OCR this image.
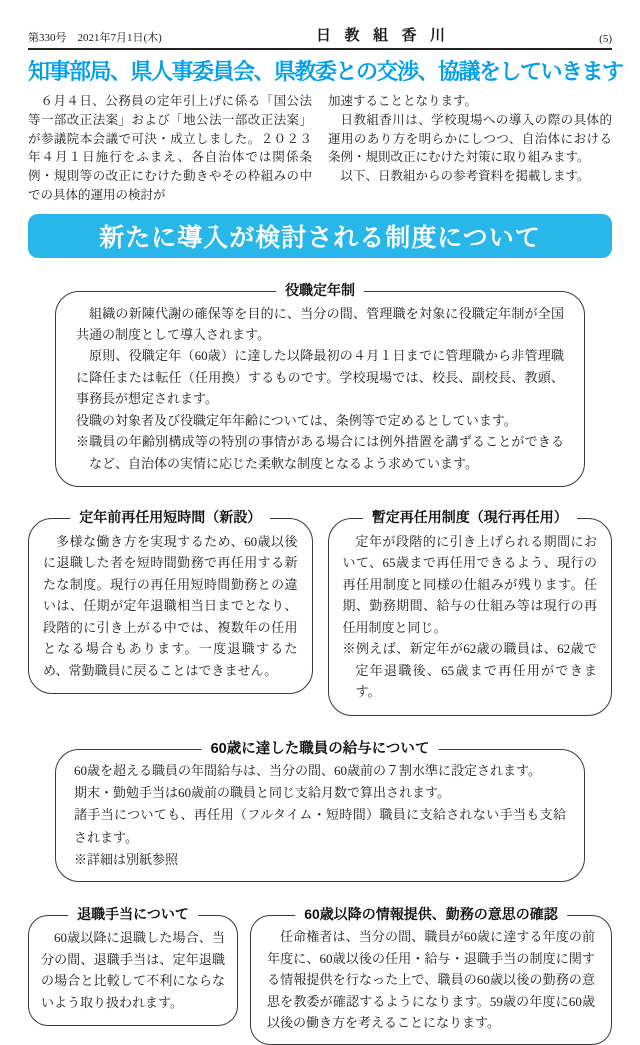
第330号　2021年7月1日(木)	日教組香川	(5)
知事部局、県人事委員会、県教委との交渉、協議をしていきます

６月４日、公務員の定年引上げに係る「国公法等一部改正法案」および「地公法一部改正法案」が参議院本会議で可決・成立しました。２０２３年４月１日施行をふまえ、各自治体では関係条例・規則等の改正にむけた動きやその枠組みの中での具体的運用の検討が

加速することとなります。

日教組香川は、学校現場への導入の際の具体的運用のあり方を明らかにしつつ、自治体における条例・規則改正にむけた対策に取り組みます。

以下、日教組からの参考資料を掲載します。

新たに導入が検討される制度について
役職定年制

組織の新陳代謝の確保等を目的に、当分の間、管理職を対象に役職定年制が全国共通の制度として導入されます。

原則、役職定年（60歳）に達した以降最初の４月１日までに管理職から非管理職に降任または転任（任用換）するものです。学校現場では、校長、副校長、教頭、事務長が想定されます。

役職の対象者及び役職定年年齢については、条例等で定めるとしています。

※職員の年齢別構成等の特別の事情がある場合には例外措置を講ずることができるなど、自治体の実情に応じた柔軟な制度となるよう求めています。

定年前再任用短時間（新設）

多様な働き方を実現するため、60歳以後に退職した者を短時間勤務で再任用する新たな制度。現行の再任用短時間勤務との違いは、任期が定年退職相当日までとなり、段階的に引き上がる中では、複数年の任用となる場合もあります。一度退職するため、常勤職員に戻ることはできません。

暫定再任用制度（現行再任用）

定年が段階的に引き上げられる期間において、65歳まで再任用できるよう、現行の再任用制度と同様の仕組みが残ります。任期、勤務期間、給与の仕組み等は現行の再任用制度と同じ。

※例えば、新定年が62歳の職員は、62歳で定年退職後、65歳まで再任用ができます。

60歳に達した職員の給与について

60歳を超える職員の年間給与は、当分の間、60歳前の７割水準に設定されます。

期末・勤勉手当は60歳前の職員と同じ支給月数で算出されます。

諸手当についても、再任用（フルタイム・短時間）職員に支給されない手当も支給されます。

※詳細は別紙参照

退職手当について

60歳以降に退職した場合、当分の間、退職手当は、定年退職の場合と比較して不利にならないよう取り扱われます。

60歳以降の情報提供、勤務の意思の確認

任命権者は、当分の間、職員が60歳に達する年度の前年度に、60歳以後の任用・給与・退職手当の制度に関する情報提供を行なった上で、職員の60歳以後の勤務の意思を教委が確認するようになります。59歳の年度に60歳以後の働き方を考えることになります。
